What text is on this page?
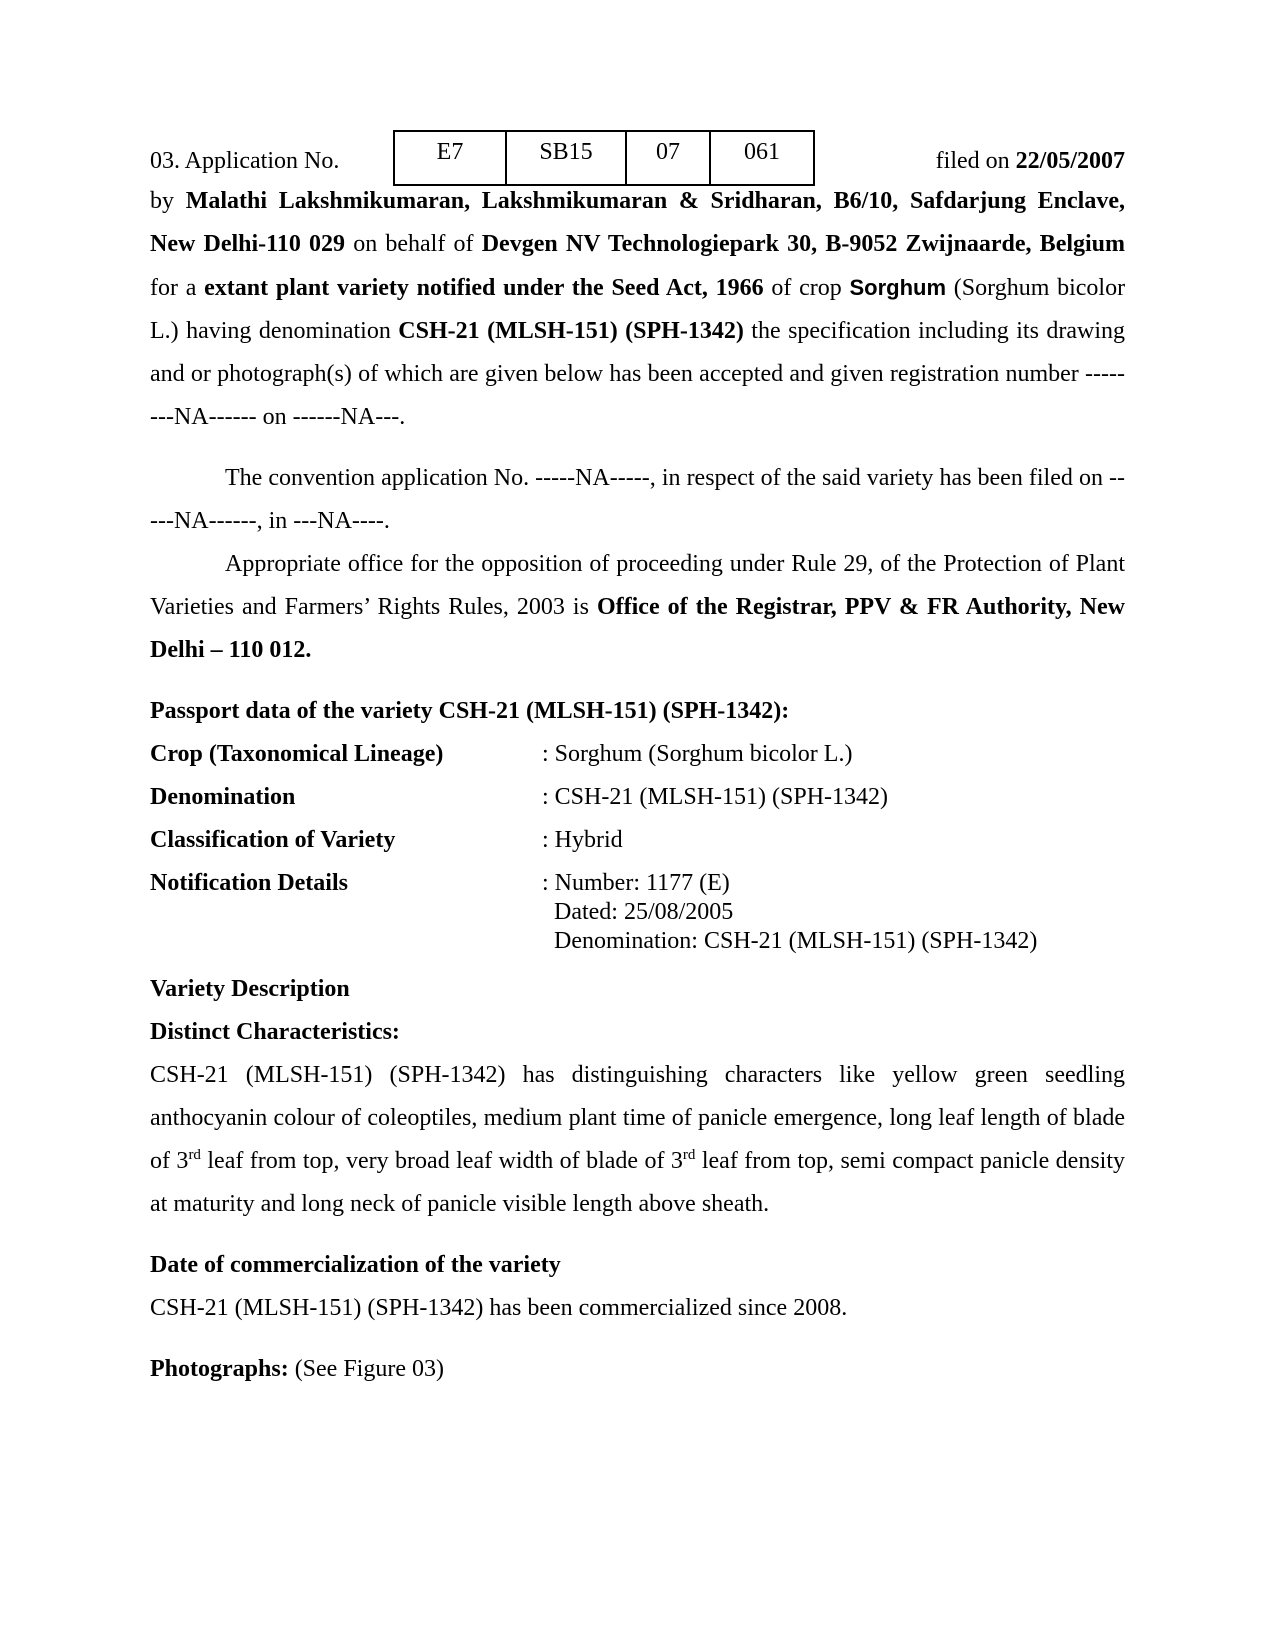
03. Application No.	E7	SB15	07	061	filed on 22/05/2007

by Malathi Lakshmikumaran, Lakshmikumaran & Sridharan, B6/10, Safdarjung Enclave, New Delhi-110 029 on behalf of Devgen NV Technologiepark 30, B-9052 Zwijnaarde, Belgium for a extant plant variety notified under the Seed Act, 1966 of crop Sorghum (Sorghum bicolor L.) having denomination CSH-21 (MLSH-151) (SPH-1342) the specification including its drawing and or photograph(s) of which are given below has been accepted and given registration number --------NA------ on ------NA---.

The convention application No. -----NA-----, in respect of the said variety has been filed on -----NA------, in ---NA----.

Appropriate office for the opposition of proceeding under Rule 29, of the Protection of Plant Varieties and Farmers’ Rights Rules, 2003 is Office of the Registrar, PPV & FR Authority, New Delhi – 110 012.

Passport data of the variety CSH-21 (MLSH-151) (SPH-1342):

Crop (Taxonomical Lineage)	: Sorghum (Sorghum bicolor L.)
Denomination	: CSH-21 (MLSH-151) (SPH-1342)
Classification of Variety	: Hybrid
Notification Details	: Number: 1177 (E)
Dated: 25/08/2005
Denomination: CSH-21 (MLSH-151) (SPH-1342)

Variety Description

Distinct Characteristics:

CSH-21 (MLSH-151) (SPH-1342) has distinguishing characters like yellow green seedling anthocyanin colour of coleoptiles, medium plant time of panicle emergence, long leaf length of blade of 3rd leaf from top, very broad leaf width of blade of 3rd leaf from top, semi compact panicle density at maturity and long neck of panicle visible length above sheath.

Date of commercialization of the variety

CSH-21 (MLSH-151) (SPH-1342) has been commercialized since 2008.

Photographs: (See Figure 03)
